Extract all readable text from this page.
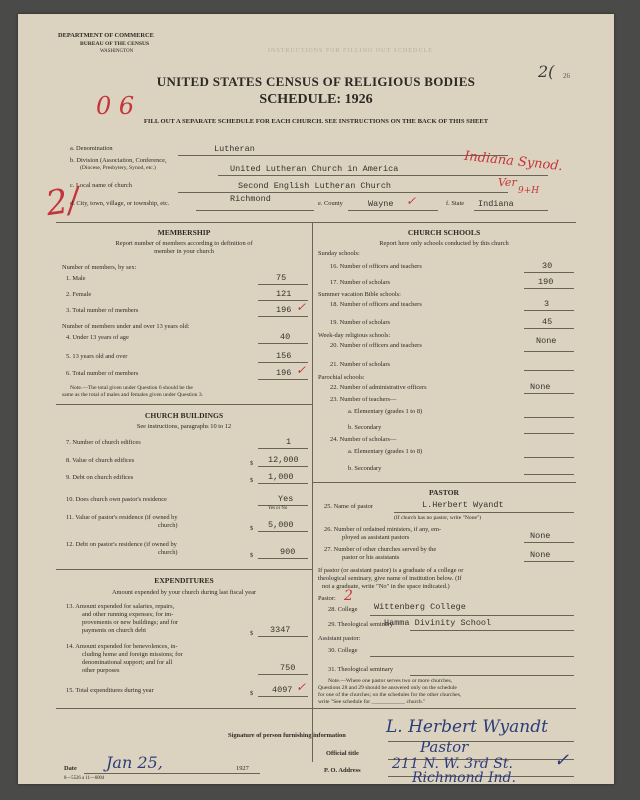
INSTRUCTIONS FOR FILLING OUT SCHEDULE
DEPARTMENT OF COMMERCE
BUREAU OF THE CENSUS
WASHINGTON
2( 26
UNITED STATES CENSUS OF RELIGIOUS BODIES
SCHEDULE: 1926
0 6
FILL OUT A SEPARATE SCHEDULE FOR EACH CHURCH. SEE INSTRUCTIONS ON THE BACK OF THIS SHEET
a. Denomination	Lutheran
b. Division (Association, Conference,
(Diocese, Presbytery, Synod, etc.)	United Lutheran Church in America	Indiana Synod.
c. Local name of church	Second English Lutheran Church	Ver
2/
d. City, town, village, or township, etc.	Richmond	e. County	Wayne ✓	f. State Indiana
9+H
MEMBERSHIP
Report number of members according to definition of
member in your church
Number of members, by sex:
1. Male	75
2. Female	121
3. Total number of members	196 ✓
Number of members under and over 13 years old:
4. Under 13 years of age	40
5. 13 years old and over	156
6. Total number of members	196 ✓
Note.—The total given under Question 6 should be the
same as the total of males and females given under Question 3.
CHURCH BUILDINGS
See instructions, paragraphs 10 to 12
7. Number of church edifices	1
8. Value of church edifices	$ 12,000
9. Debt on church edifices	$ 1,000
10. Does church own pastor's residence	Yes
Yes or No
11. Value of pastor's residence (if owned by
church)	$ 5,000
12. Debt on pastor's residence (if owned by
church)	$	900
EXPENDITURES
Amount expended by your church during last fiscal year
13. Amount expended for salaries, repairs,
and other running expenses; for im-
provements or new buildings; and for
payments on church debt	$ 3347
14. Amount expended for benevolences, in-
cluding home and foreign missions; for
denominational support; and for all
other purposes	750
15. Total expenditures during year	$ 4097 ✓
CHURCH SCHOOLS
Report here only schools conducted by this church
Sunday schools:
16. Number of officers and teachers	30
17. Number of scholars	190
Summer vacation Bible schools:
18. Number of officers and teachers	3
19. Number of scholars	45
Week-day religious schools:
20. Number of officers and teachers	None
21. Number of scholars
Parochial schools:
22. Number of administrative officers	None
23. Number of teachers—
a. Elementary (grades 1 to 8)
b. Secondary
24. Number of scholars—
a. Elementary (grades 1 to 8)
b. Secondary
PASTOR
25. Name of pastor	L.Herbert Wyandt
(If church has no pastor, write "None")
26. Number of ordained ministers, if any, em-
ployed as assistant pastors	None
27. Number of other churches served by the
pastor or his assistants	None
If pastor (or assistant pastor) is a graduate of a college or
theological seminary, give name of institution below. (If
not a graduate, write "No" in the space indicated.)
Pastor: 2
28. College Wittenberg College
29. Theological seminary
Hamma Divinity School
Assistant pastor:
30. College
31. Theological seminary
Note.—Where one pastor serves two or more churches,
Questions 28 and 29 should be answered only on the schedule
for one of the churches; on the schedules for the other churches,
write "See schedule for ____________ church."
Signature of person furnishing information L. Herbert Wyandt
Official title	Pastor
Date Jan 25,	1927	P. O. Address 211 N. W. 3rd St.
Richmond Ind.
✓
8—5526 a 11—6004
